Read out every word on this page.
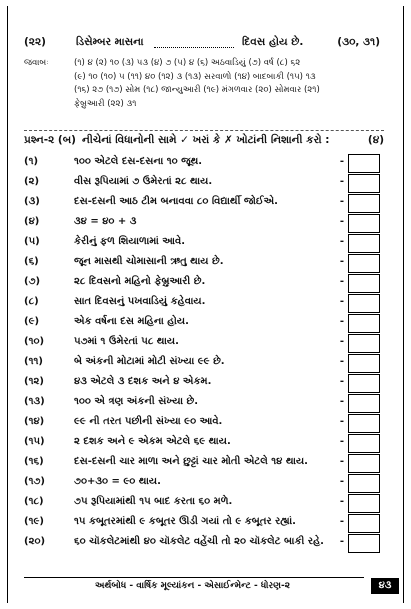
(૨૨)	ડિસેમ્બર માસના	દિવસ હોય છે.	(૩૦, ૩૧)
જવાબઃ	(૧) ૪ (૨) ૧૦ (૩) ૫૩ (૪) ૭ (૫) ૪ (૬) અઠવાડિયું (૭) વર્ષ (૮) ૬૨
(૯) ૧૦ (૧૦) ૫ (૧૧) ૪૦ (૧૨) ૩ (૧૩) સરવાળો (૧૪) બાદબાકી (૧૫) ૧૩
(૧૬) ૨૭ (૧૭) સોમ (૧૮) જાન્યુઆરી (૧૯) મંગળવાર (૨૦) સોમવાર (૨૧)
ફેબ્રુઆરી (૨૨) ૩૧
પ્રશ્ન-૨ (બ) નીચેનાં વિધાનોની સામે ✓ ખરાં કે ✗ ખોટાંની નિશાની કરો :	(૪)
(૧)	૧૦૦ એટલે દસ-દસના ૧૦ જૂથ.	-
(૨)	વીસ રૂપિયામાં ૭ ઉમેરતાં ૨૮ થાય.	-
(૩)	દસ-દસની આઠ ટીમ બનાવવા ૮૦ વિદ્યાર્થી જોઈએ.	-
(૪)	૩૪ = ૪૦ + ૩	-
(૫)	કેરીનું ફળ શિયાળામાં આવે.	-
(૬)	જૂન માસથી ચોમાસાની ઋતુ થાય છે.	-
(૭)	૨૮ દિવસનો મહિનો ફેબ્રુઆરી છે.	-
(૮)	સાત દિવસનું પખવાડિયું કહેવાય.	-
(૯)	એક વર્ષના દસ મહિના હોય.	-
(૧૦)	૫૭માં ૧ ઉમેરતાં ૫૮ થાય.	-
(૧૧)	બે અંકની મોટામાં મોટી સંખ્યા ૯૯ છે.	-
(૧૨)	૪૩ એટલે ૩ દશક અને ૪ એકમ.	-
(૧૩)	૧૦૦ એ ત્રણ અંકની સંખ્યા છે.	-
(૧૪)	૯૯ ની તરત પછીની સંખ્યા ૯૦ આવે.	-
(૧૫)	૨ દશક અને ૯ એકમ એટલે ૬૯ થાય.	-
(૧૬)	દસ-દસની ચાર માળા અને છુટ્ટાં ચાર મોતી એટલે ૧૪ થાય.	-
(૧૭)	૭૦+૩૦ = ૯૦ થાય.	-
(૧૮)	૭૫ રૂપિયામાંથી ૧૫ બાદ કરતા ૬૦ મળે.	-
(૧૯)	૧૫ કબૂતરમાંથી ૯ કબૂતર ઊડી ગયાં તો ૯ કબૂતર રહ્યાં.	-
(૨૦)	૬૦ ચૉકલેટમાંથી ૪૦ ચૉકલેટ વહેંચી તો ૨૦ ચૉકલેટ બાકી રહે. -
અર્થબોધ - વાર્ષિક મૂલ્યાંકન - એસાઈન્મેન્ટ - ધોરણ-૨	૪૩
